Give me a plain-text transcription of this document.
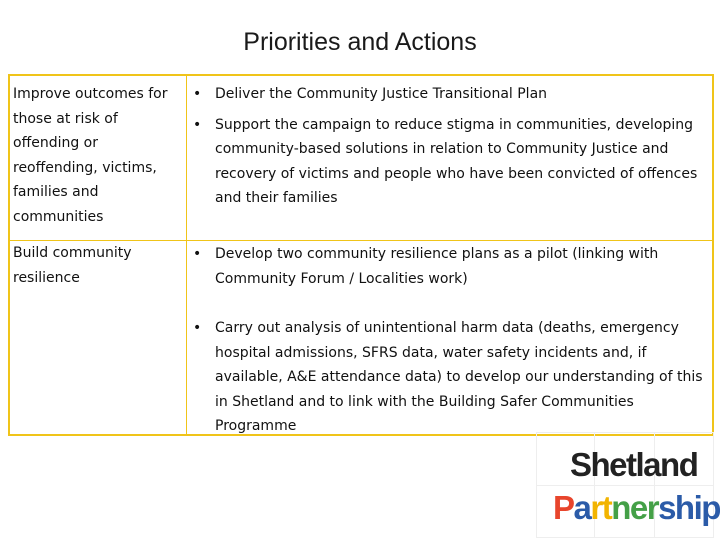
Priorities and Actions

Improve outcomes for those at risk of offending or reoffending, victims, families and communities

• Deliver the Community Justice Transitional Plan
• Support the campaign to reduce stigma in communities, developing community-based solutions in relation to Community Justice and recovery of victims and people who have been convicted of offences and their families

Build community resilience

• Develop two community resilience plans as a pilot (linking with Community Forum / Localities work)
• Carry out analysis of unintentional harm data (deaths, emergency hospital admissions, SFRS data, water safety incidents and, if available, A&E attendance data) to develop our understanding of this in Shetland and to link with the Building Safer Communities Programme
Shetland
Partnership
